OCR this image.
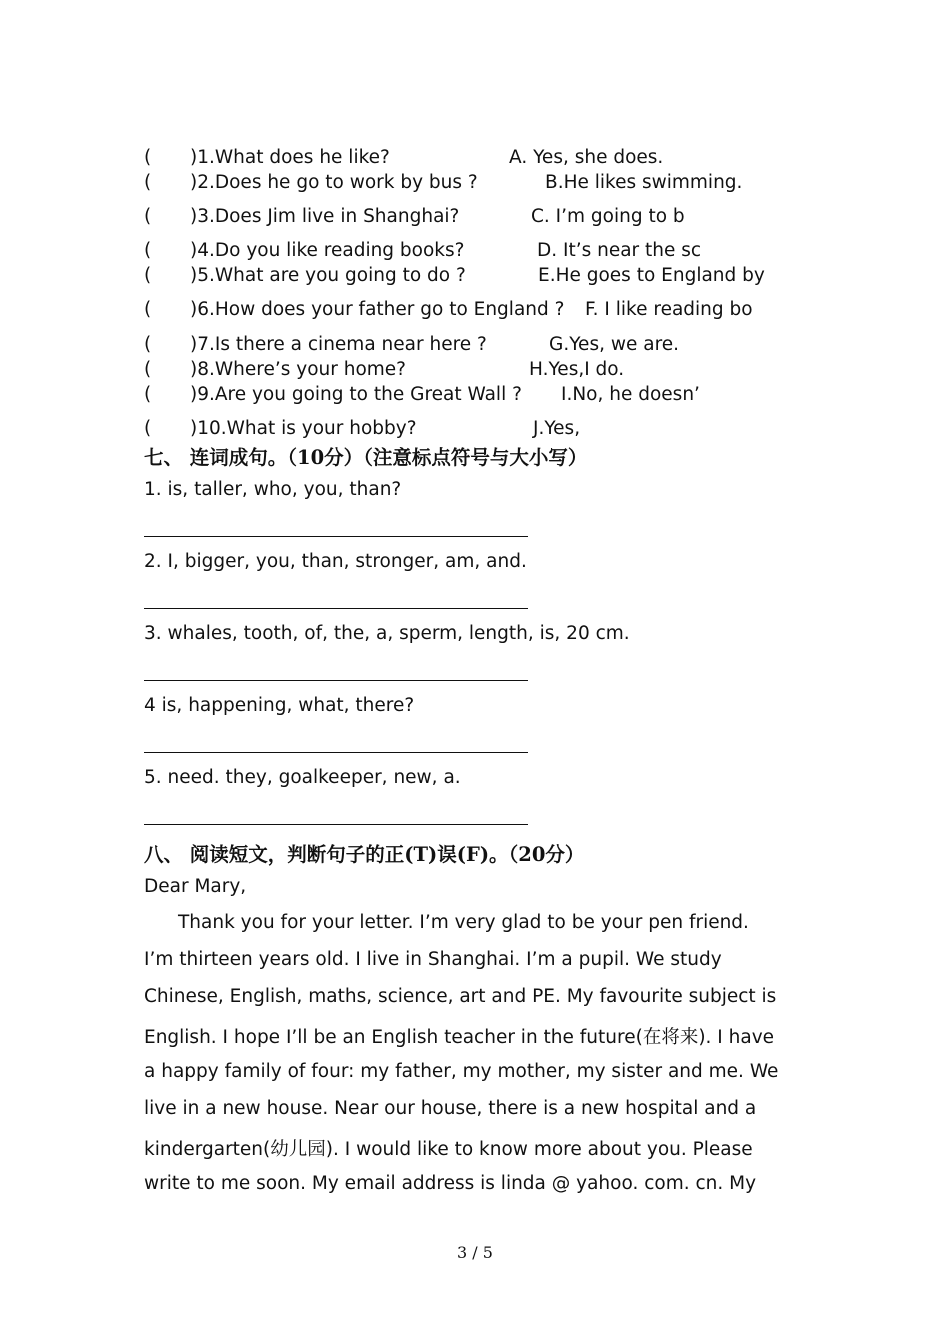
( )1.What does he like?	A. Yes, she does.
( )2.Does he go to work by bus ?	B.He likes swimming.
( )3.Does Jim live in Shanghai?	C. I’m going to b
( )4.Do you like reading books?	D. It’s near the sc
( )5.What are you going to do ?	E.He goes to England by
( )6.How does your father go to England ? F. I like reading bo
( )7.Is there a cinema near here ?	G.Yes, we are.
( )8.Where’s your home?	H.Yes,I do.
( )9.Are you going to the Great Wall ? I.No, he doesn’
( )10.What is your hobby?	J.Yes,
七、 连词成句。（10分）（注意标点符号与大小写）
1. is, taller, who, you, than?
2. I, bigger, you, than, stronger, am, and.
3. whales, tooth, of, the, a, sperm, length, is, 20 cm.
4 is, happening, what, there?
5. need. they, goalkeeper, new, a.
八、 阅读短文，判断句子的正(T)误(F)。（20分）
Dear Mary,
Thank you for your letter. I’m very glad to be your pen friend.
I’m thirteen years old. I live in Shanghai. I’m a pupil. We study
Chinese, English, maths, science, art and PE. My favourite subject is
English. I hope I’ll be an English teacher in the future(在将来). I have
a happy family of four: my father, my mother, my sister and me. We
live in a new house. Near our house, there is a new hospital and a
kindergarten(幼儿园). I would like to know more about you. Please
write to me soon. My email address is linda @ yahoo. com. cn. My
3 / 5
